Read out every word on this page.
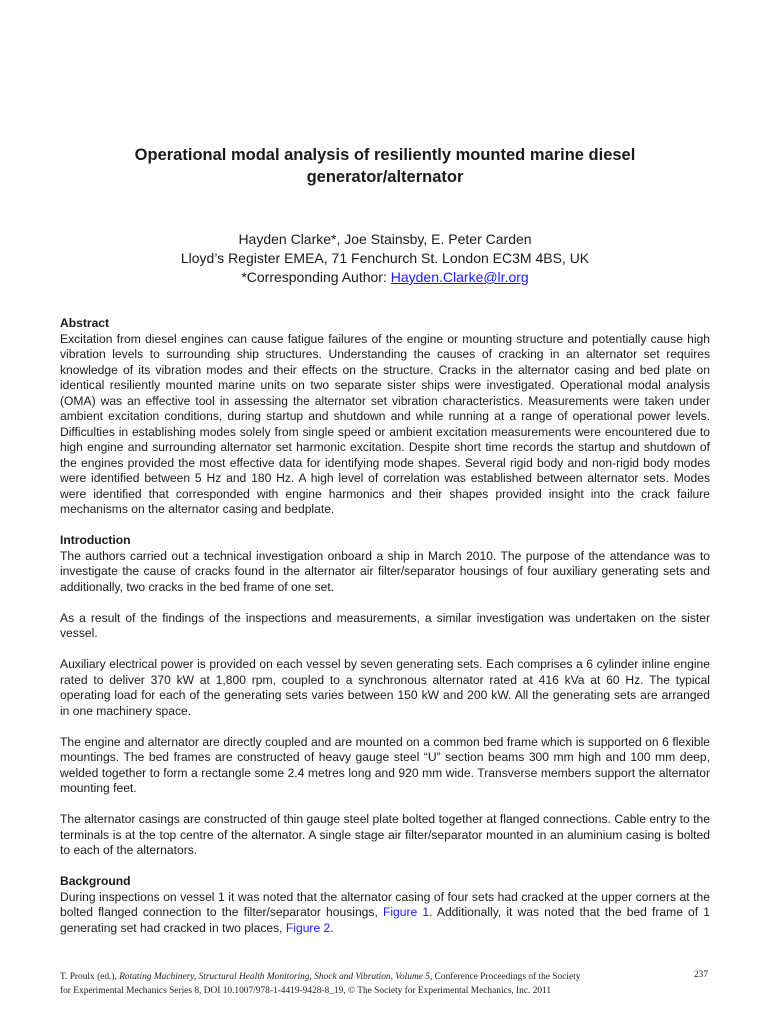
Operational modal analysis of resiliently mounted marine diesel
generator/alternator
Hayden Clarke*, Joe Stainsby, E. Peter Carden
Lloyd’s Register EMEA, 71 Fenchurch St. London EC3M 4BS, UK
*Corresponding Author: Hayden.Clarke@lr.org
Abstract

Excitation from diesel engines can cause fatigue failures of the engine or mounting structure and potentially cause high vibration levels to surrounding ship structures. Understanding the causes of cracking in an alternator set requires knowledge of its vibration modes and their effects on the structure. Cracks in the alternator casing and bed plate on identical resiliently mounted marine units on two separate sister ships were investigated. Operational modal analysis (OMA) was an effective tool in assessing the alternator set vibration characteristics. Measurements were taken under ambient excitation conditions, during startup and shutdown and while running at a range of operational power levels. Difficulties in establishing modes solely from single speed or ambient excitation measurements were encountered due to high engine and surrounding alternator set harmonic excitation. Despite short time records the startup and shutdown of the engines provided the most effective data for identifying mode shapes. Several rigid body and non-rigid body modes were identified between 5 Hz and 180 Hz. A high level of correlation was established between alternator sets. Modes were identified that corresponded with engine harmonics and their shapes provided insight into the crack failure mechanisms on the alternator casing and bedplate.

Introduction

The authors carried out a technical investigation onboard a ship in March 2010. The purpose of the attendance was to investigate the cause of cracks found in the alternator air filter/separator housings of four auxiliary generating sets and additionally, two cracks in the bed frame of one set.

As a result of the findings of the inspections and measurements, a similar investigation was undertaken on the sister vessel.

Auxiliary electrical power is provided on each vessel by seven generating sets. Each comprises a 6 cylinder inline engine rated to deliver 370 kW at 1,800 rpm, coupled to a synchronous alternator rated at 416 kVa at 60 Hz. The typical operating load for each of the generating sets varies between 150 kW and 200 kW. All the generating sets are arranged in one machinery space.

The engine and alternator are directly coupled and are mounted on a common bed frame which is supported on 6 flexible mountings. The bed frames are constructed of heavy gauge steel “U” section beams 300 mm high and 100 mm deep, welded together to form a rectangle some 2.4 metres long and 920 mm wide. Transverse members support the alternator mounting feet.

The alternator casings are constructed of thin gauge steel plate bolted together at flanged connections. Cable entry to the terminals is at the top centre of the alternator. A single stage air filter/separator mounted in an aluminium casing is bolted to each of the alternators.

Background

During inspections on vessel 1 it was noted that the alternator casing of four sets had cracked at the upper corners at the bolted flanged connection to the filter/separator housings, Figure 1. Additionally, it was noted that the bed frame of 1 generating set had cracked in two places, Figure 2.

T. Proulx (ed.), Rotating Machinery, Structural Health Monitoring, Shock and Vibration, Volume 5, Conference Proceedings of the Society
for Experimental Mechanics Series 8, DOI 10.1007/978-1-4419-9428-8_19, © The Society for Experimental Mechanics, Inc. 2011
237
